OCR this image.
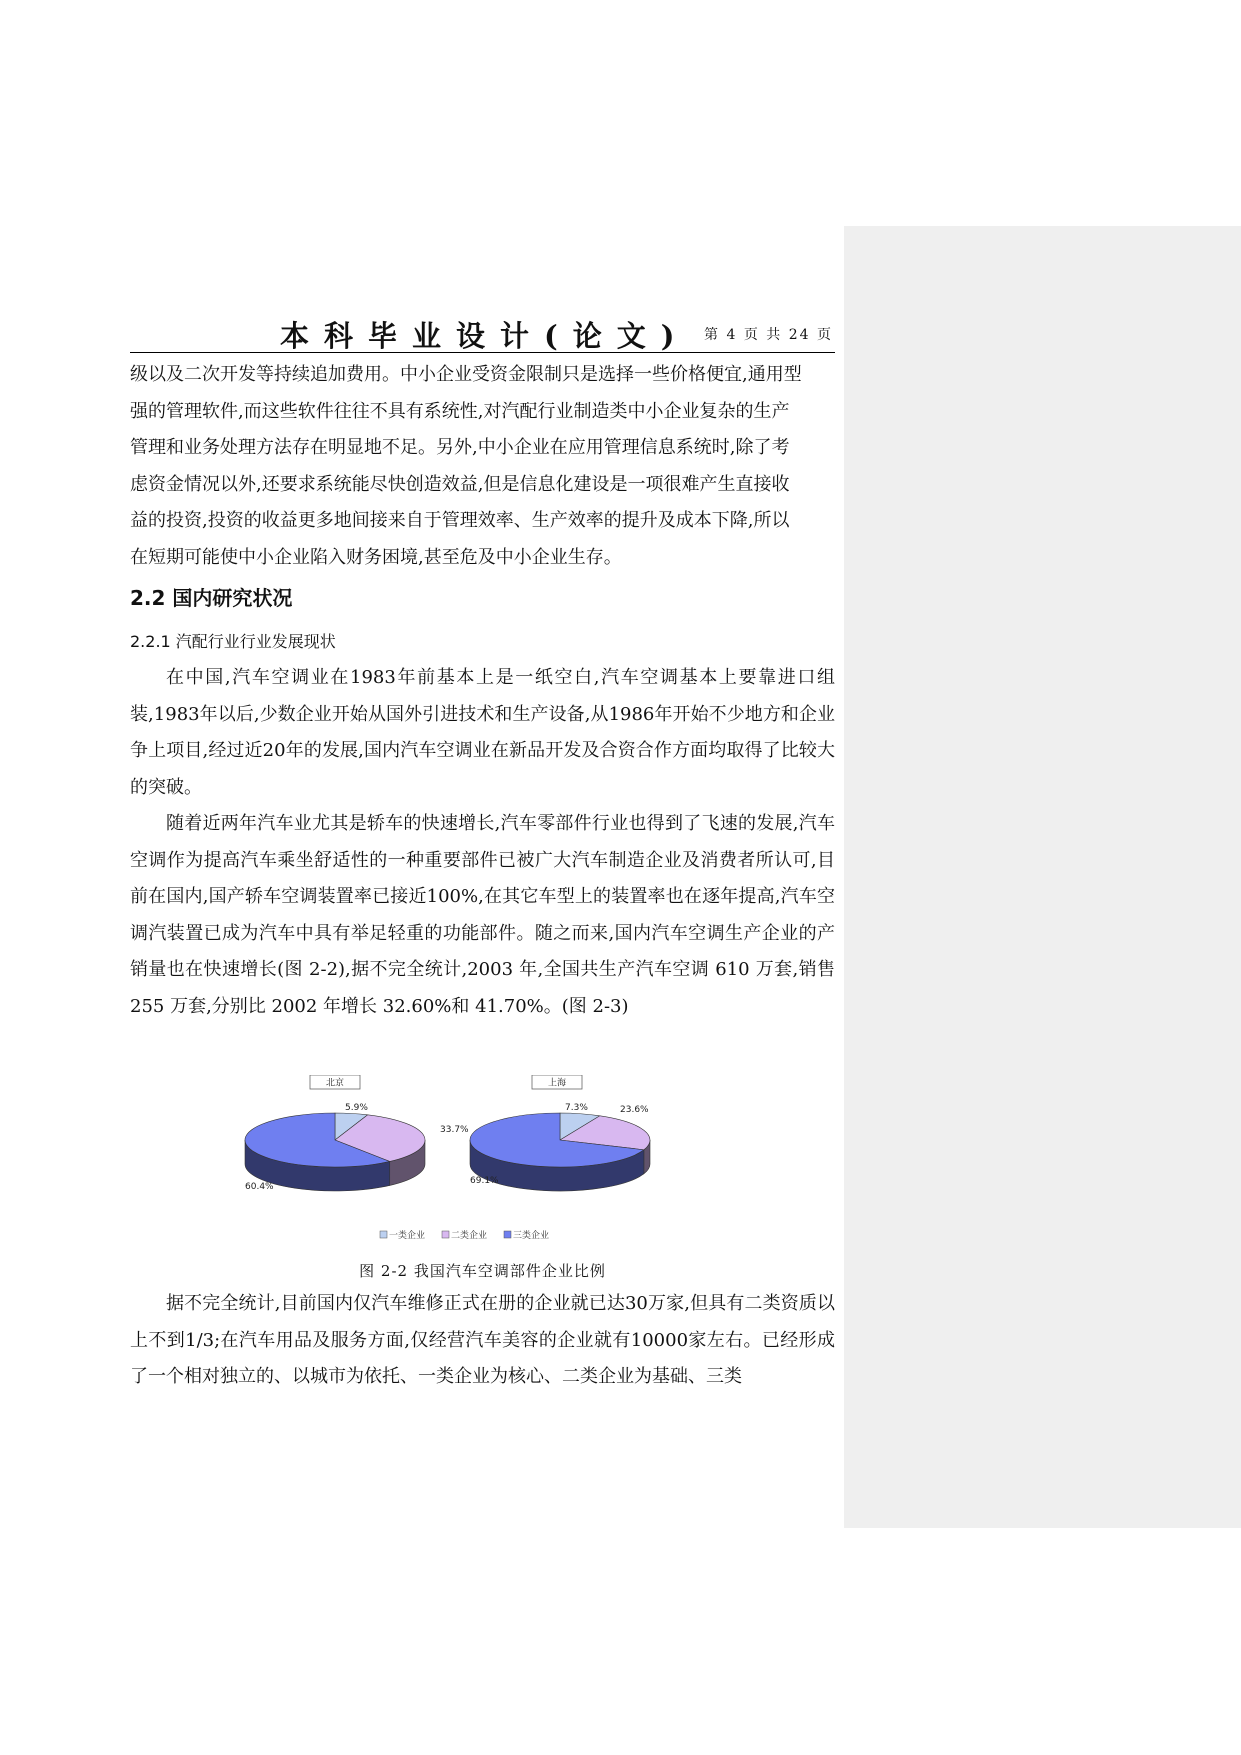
本科毕业设计(论文) 第 4 页 共 24 页

级以及二次开发等持续追加费用。中小企业受资金限制只是选择一些价格便宜,通用型

强的管理软件,而这些软件往往不具有系统性,对汽配行业制造类中小企业复杂的生产

管理和业务处理方法存在明显地不足。另外,中小企业在应用管理信息系统时,除了考

虑资金情况以外,还要求系统能尽快创造效益,但是信息化建设是一项很难产生直接收

益的投资,投资的收益更多地间接来自于管理效率、生产效率的提升及成本下降,所以

在短期可能使中小企业陷入财务困境,甚至危及中小企业生存。

2.2 国内研究状况
2.2.1 汽配行业行业发展现状

在中国,汽车空调业在1983年前基本上是一纸空白,汽车空调基本上要靠进口组装,1983年以后,少数企业开始从国外引进技术和生产设备,从1986年开始不少地方和企业争上项目,经过近20年的发展,国内汽车空调业在新品开发及合资合作方面均取得了比较大的突破。

随着近两年汽车业尤其是轿车的快速增长,汽车零部件行业也得到了飞速的发展,汽车空调作为提高汽车乘坐舒适性的一种重要部件已被广大汽车制造企业及消费者所认可,目前在国内,国产轿车空调装置率已接近100%,在其它车型上的装置率也在逐年提高,汽车空调汽装置已成为汽车中具有举足轻重的功能部件。随之而来,国内汽车空调生产企业的产销量也在快速增长(图 2-2),据不完全统计,2003 年,全国共生产汽车空调 610 万套,销售 255 万套,分别比 2002 年增长 32.60%和 41.70%。(图 2-3)

北京
5.9%
33.7%
60.4%
上海
7.3%	23.6%
69.1%
一类企业	二类企业	三类企业
图 2-2 我国汽车空调部件企业比例

据不完全统计,目前国内仅汽车维修正式在册的企业就已达30万家,但具有二类资质以上不到1/3;在汽车用品及服务方面,仅经营汽车美容的企业就有10000家左右。已经形成了一个相对独立的、以城市为依托、一类企业为核心、二类企业为基础、三类
